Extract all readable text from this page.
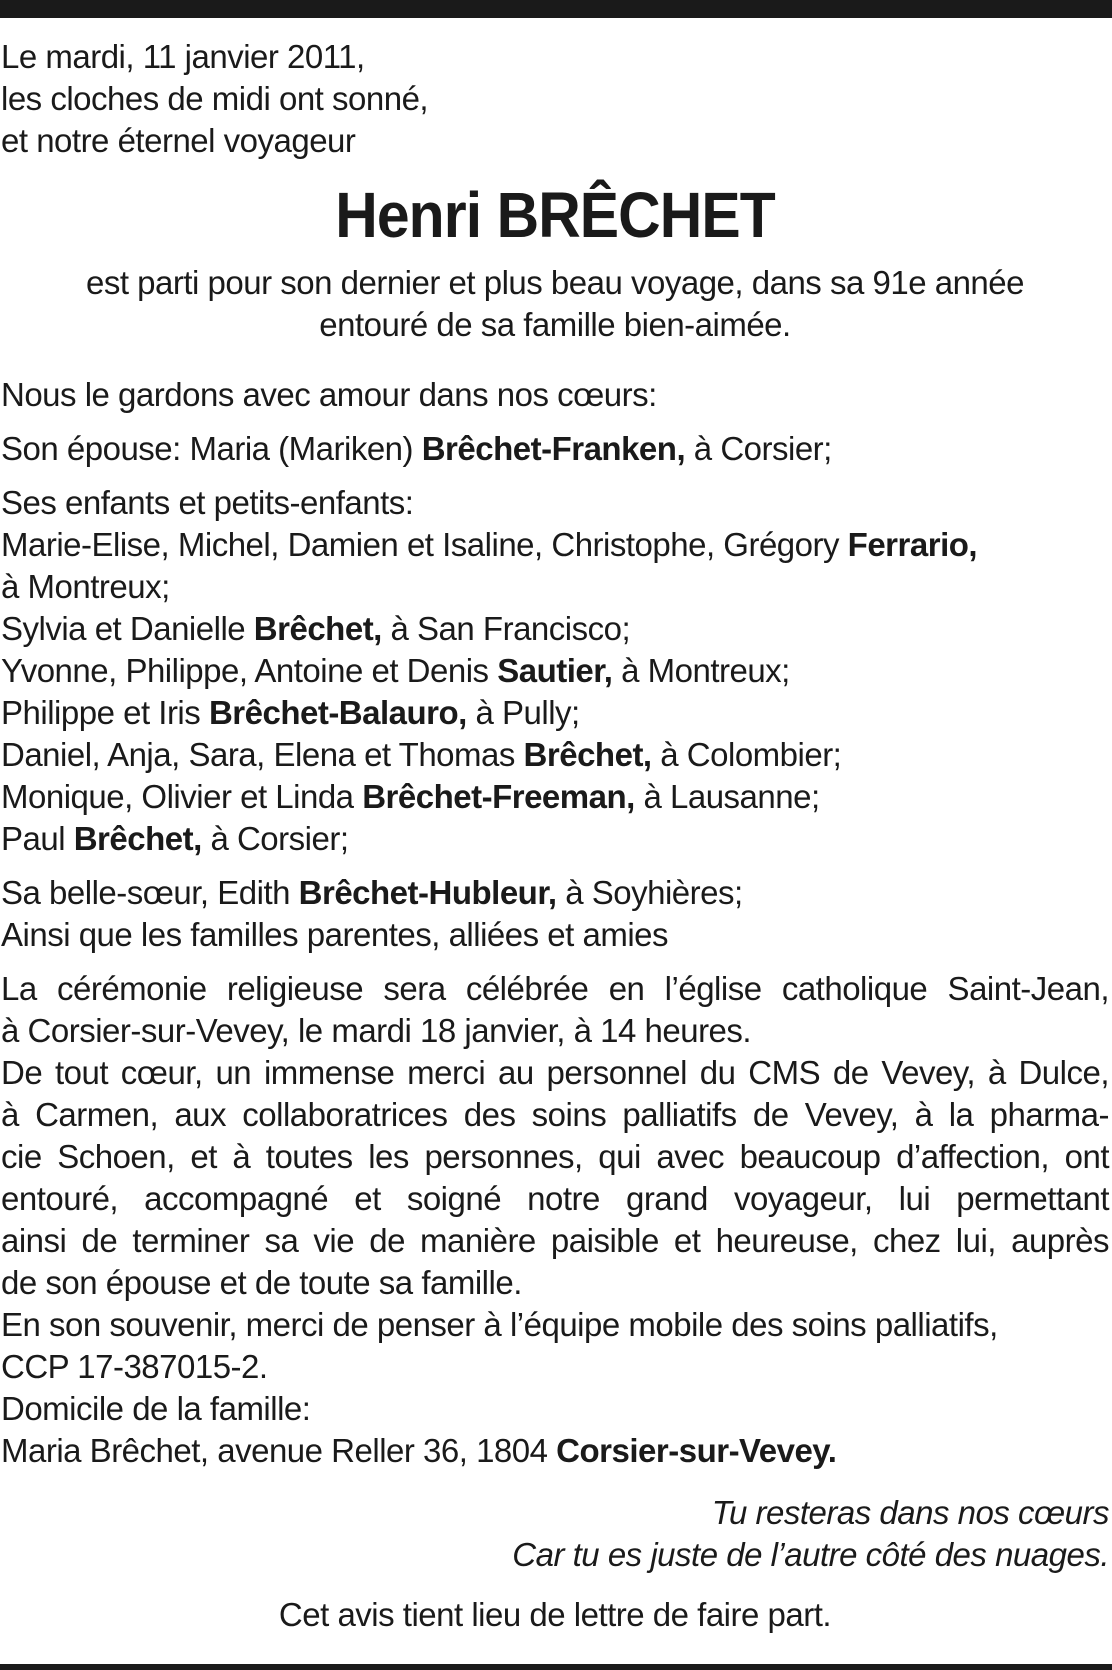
Le mardi, 11 janvier 2011,
les cloches de midi ont sonné,
et notre éternel voyageur
Henri BRÊCHET
est parti pour son dernier et plus beau voyage, dans sa 91e année
entouré de sa famille bien-aimée.
Nous le gardons avec amour dans nos cœurs:
Son épouse: Maria (Mariken) Brêchet-Franken, à Corsier;
Ses enfants et petits-enfants:
Marie-Elise, Michel, Damien et Isaline, Christophe, Grégory Ferrario,
à Montreux;
Sylvia et Danielle Brêchet, à San Francisco;
Yvonne, Philippe, Antoine et Denis Sautier, à Montreux;
Philippe et Iris Brêchet-Balauro, à Pully;
Daniel, Anja, Sara, Elena et Thomas Brêchet, à Colombier;
Monique, Olivier et Linda Brêchet-Freeman, à Lausanne;
Paul Brêchet, à Corsier;
Sa belle-sœur, Edith Brêchet-Hubleur, à Soyhières;
Ainsi que les familles parentes, alliées et amies
La cérémonie religieuse sera célébrée en l’église catholique Saint-Jean,
à Corsier-sur-Vevey, le mardi 18 janvier, à 14 heures.
De tout cœur, un immense merci au personnel du CMS de Vevey, à Dulce,
à Carmen, aux collaboratrices des soins palliatifs de Vevey, à la pharma-
cie Schoen, et à toutes les personnes, qui avec beaucoup d’affection, ont
entouré, accompagné et soigné notre grand voyageur, lui permettant
ainsi de terminer sa vie de manière paisible et heureuse, chez lui, auprès
de son épouse et de toute sa famille.
En son souvenir, merci de penser à l’équipe mobile des soins palliatifs,
CCP 17-387015-2.
Domicile de la famille:
Maria Brêchet, avenue Reller 36, 1804 Corsier-sur-Vevey.
Tu resteras dans nos cœurs
Car tu es juste de l’autre côté des nuages.
Cet avis tient lieu de lettre de faire part.
